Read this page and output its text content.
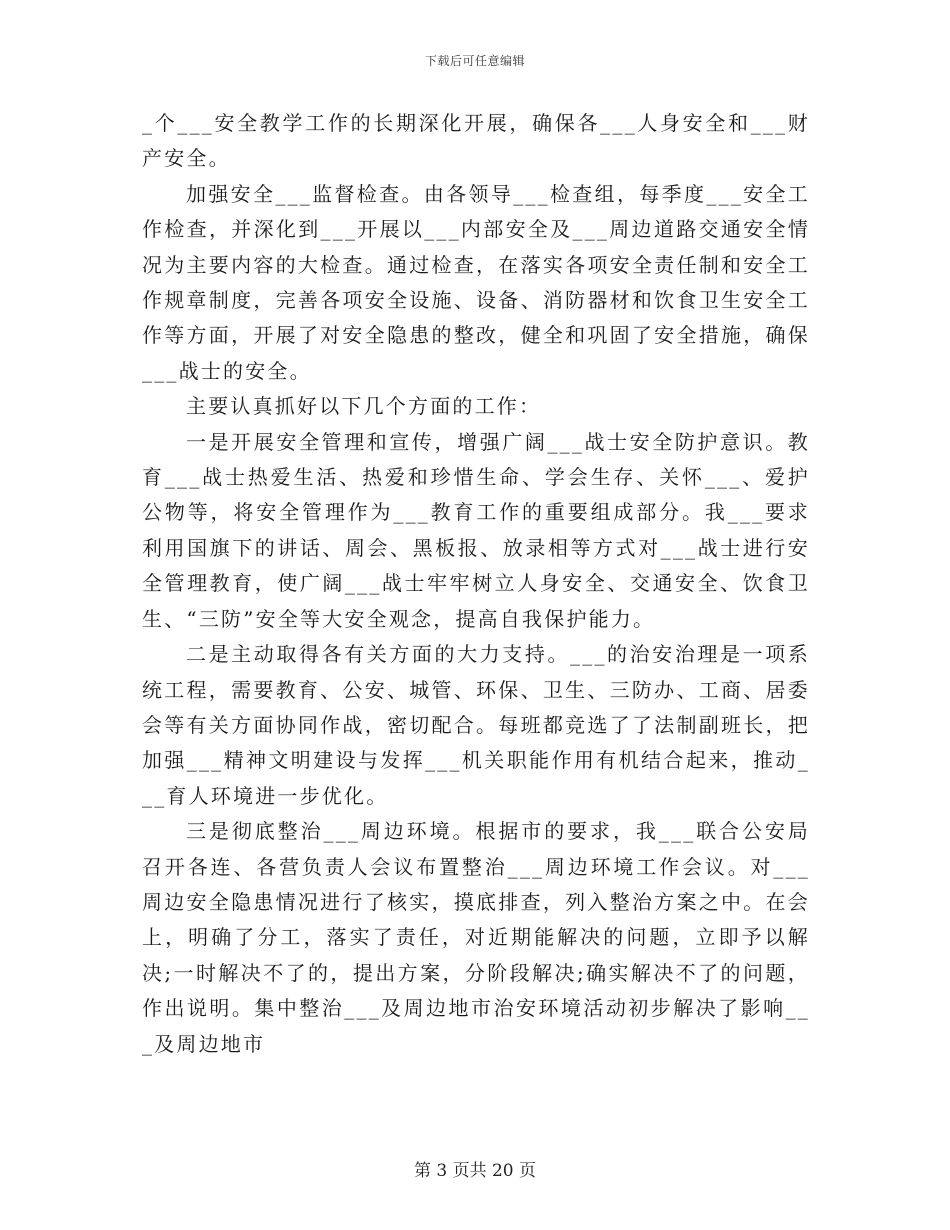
下载后可任意编辑

_个___安全教学工作的长期深化开展，确保各___人身安全和___财产安全。

加强安全___监督检查。由各领导___检查组，每季度___安全工作检查，并深化到___开展以___内部安全及___周边道路交通安全情况为主要内容的大检查。通过检查，在落实各项安全责任制和安全工作规章制度，完善各项安全设施、设备、消防器材和饮食卫生安全工作等方面，开展了对安全隐患的整改，健全和巩固了安全措施，确保___战士的安全。

主要认真抓好以下几个方面的工作：

一是开展安全管理和宣传，增强广阔___战士安全防护意识。教育___战士热爱生活、热爱和珍惜生命、学会生存、关怀___、爱护公物等，将安全管理作为___教育工作的重要组成部分。我___要求利用国旗下的讲话、周会、黑板报、放录相等方式对___战士进行安全管理教育，使广阔___战士牢牢树立人身安全、交通安全、饮食卫生、“三防”安全等大安全观念，提高自我保护能力。

二是主动取得各有关方面的大力支持。___的治安治理是一项系统工程，需要教育、公安、城管、环保、卫生、三防办、工商、居委会等有关方面协同作战，密切配合。每班都竞选了了法制副班长，把加强___精神文明建设与发挥___机关职能作用有机结合起来，推动___育人环境进一步优化。

三是彻底整治___周边环境。根据市的要求，我___联合公安局召开各连、各营负责人会议布置整治___周边环境工作会议。对___周边安全隐患情况进行了核实，摸底排查，列入整治方案之中。在会上，明确了分工，落实了责任，对近期能解决的问题，立即予以解决;一时解决不了的，提出方案，分阶段解决;确实解决不了的问题，作出说明。集中整治___及周边地市治安环境活动初步解决了影响___及周边地市

第 3 页共 20 页
